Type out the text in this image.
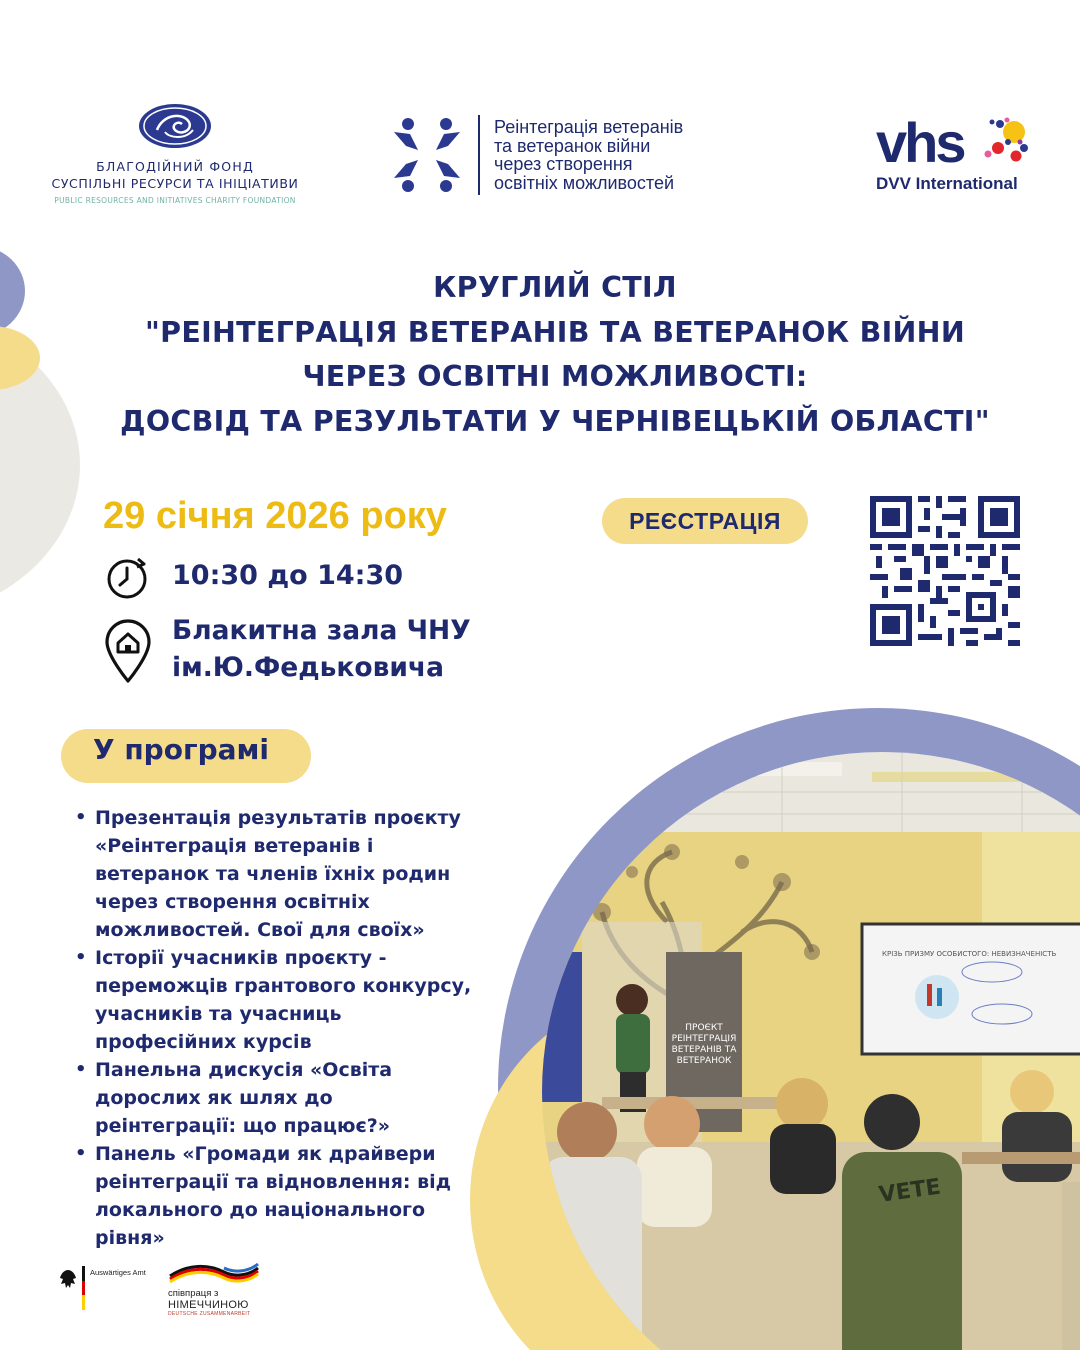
БЛАГОДІЙНИЙ ФОНД
СУСПІЛЬНІ РЕСУРСИ ТА ІНІЦІАТИВИ
PUBLIC RESOURCES AND INITIATIVES CHARITY FOUNDATION
Реінтеграція ветеранів
та ветеранок війни
через створення
освітніх можливостей
vhs
DVV International
КРУГЛИЙ СТІЛ
"РЕІНТЕГРАЦІЯ ВЕТЕРАНІВ ТА ВЕТЕРАНОК ВІЙНИ
ЧЕРЕЗ ОСВІТНІ МОЖЛИВОСТІ:
ДОСВІД ТА РЕЗУЛЬТАТИ У ЧЕРНІВЕЦЬКІЙ ОБЛАСТІ"
29 січня 2026 року	РЕЄСТРАЦІЯ
10:30 до 14:30
Блакитна зала ЧНУ
ім.Ю.Федьковича
У програмі
• Презентація результатів проєкту «Реінтеграція ветеранів і ветеранок та членів їхніх родин через створення освітніх можливостей. Свої для своїх»
• Історії учасників проєкту - переможців грантового конкурсу, учасників та учасниць професійних курсів
• Панельна дискусія «Освіта дорослих як шлях до реінтеграції: що працює?»
• Панель «Громади як драйвери реінтеграції та відновлення: від локального до національного рівня»
ПРОЄКТ РЕІНТЕГРАЦІЯ ВЕТЕРАНІВ ТА ВЕТЕРАНОК
КРІЗЬ ПРИЗМУ ОСОБИСТОГО: НЕВИЗНАЧЕНІСТЬ
VETE
Auswärtiges Amt
співпраця з
НІМЕЧЧИНОЮ
DEUTSCHE ZUSAMMENARBEIT
